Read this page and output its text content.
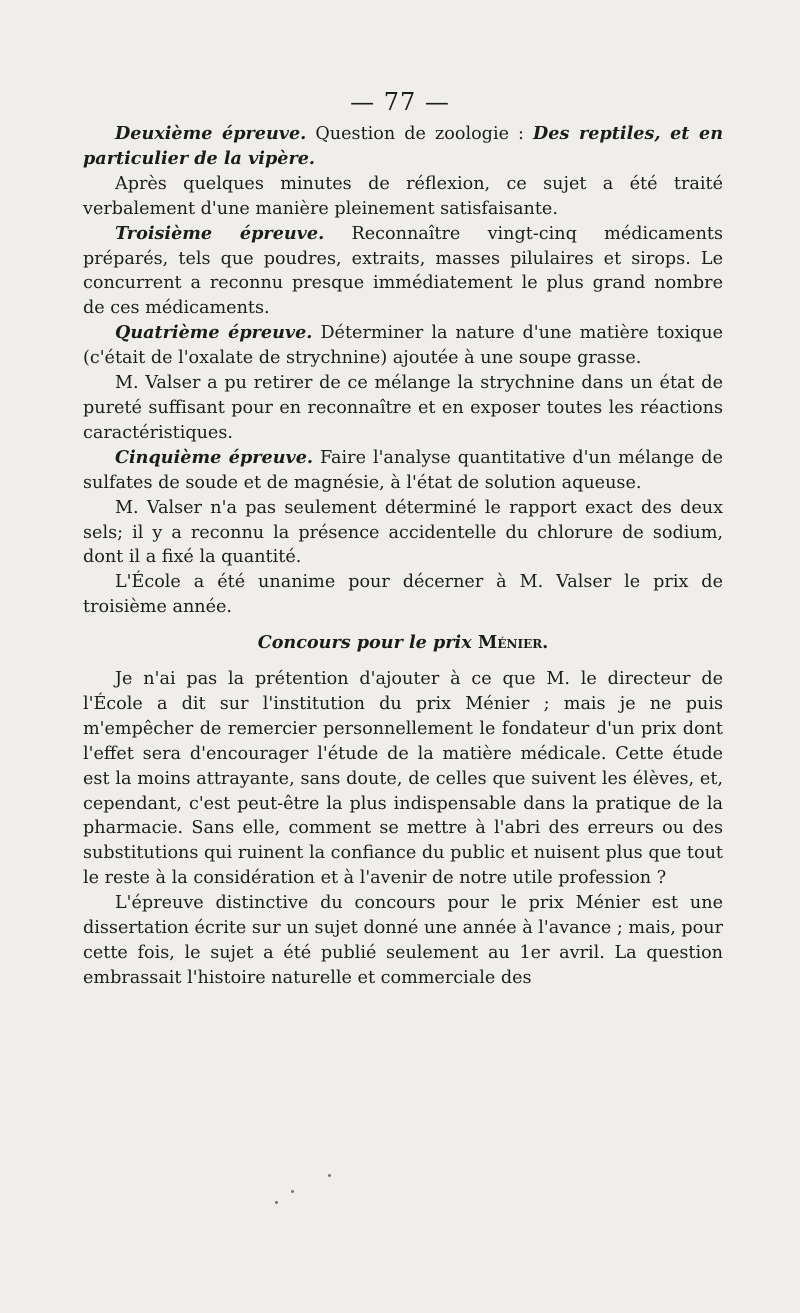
— 77 —

Deuxième épreuve. Question de zoologie : Des reptiles, et en particulier de la vipère.

Après quelques minutes de réflexion, ce sujet a été traité verbalement d'une manière pleinement satisfaisante.

Troisième épreuve. Reconnaître vingt-cinq médicaments préparés, tels que poudres, extraits, masses pilulaires et sirops. Le concurrent a reconnu presque immédiatement le plus grand nombre de ces médicaments.

Quatrième épreuve. Déterminer la nature d'une matière toxique (c'était de l'oxalate de strychnine) ajoutée à une soupe grasse.

M. Valser a pu retirer de ce mélange la strychnine dans un état de pureté suffisant pour en reconnaître et en exposer toutes les réactions caractéristiques.

Cinquième épreuve. Faire l'analyse quantitative d'un mélange de sulfates de soude et de magnésie, à l'état de solution aqueuse.

M. Valser n'a pas seulement déterminé le rapport exact des deux sels; il y a reconnu la présence accidentelle du chlorure de sodium, dont il a fixé la quantité.

L'École a été unanime pour décerner à M. Valser le prix de troisième année.

Concours pour le prix Ménier.

Je n'ai pas la prétention d'ajouter à ce que M. le directeur de l'École a dit sur l'institution du prix Ménier ; mais je ne puis m'empêcher de remercier personnellement le fondateur d'un prix dont l'effet sera d'encourager l'étude de la matière médicale. Cette étude est la moins attrayante, sans doute, de celles que suivent les élèves, et, cependant, c'est peut-être la plus indispensable dans la pratique de la pharmacie. Sans elle, comment se mettre à l'abri des erreurs ou des substitutions qui ruinent la confiance du public et nuisent plus que tout le reste à la considération et à l'avenir de notre utile profession ?

L'épreuve distinctive du concours pour le prix Ménier est une dissertation écrite sur un sujet donné une année à l'avance ; mais, pour cette fois, le sujet a été publié seulement au 1er avril. La question embrassait l'histoire naturelle et commerciale des
